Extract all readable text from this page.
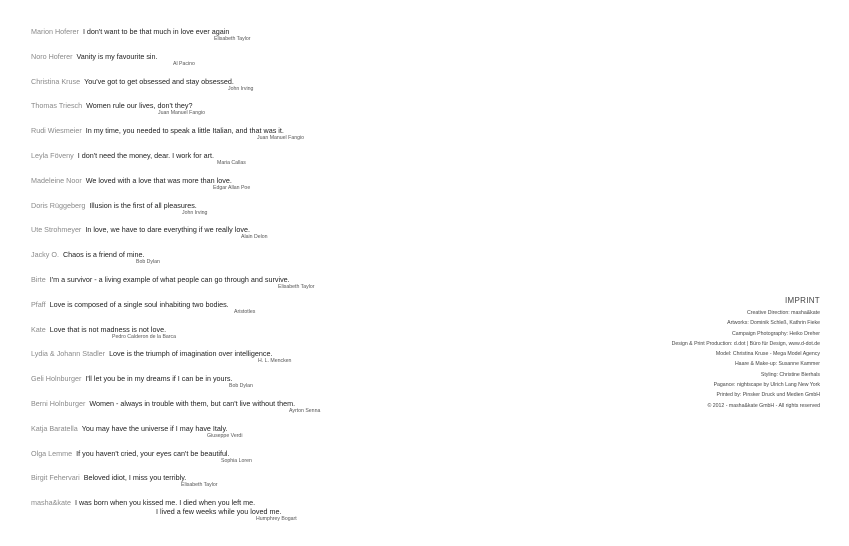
Marion Hoferer I don't want to be that much in love ever again
Elisabeth Taylor
Noro Hoferer Vanity is my favourite sin.
Al Pacino
Christina Kruse You've got to get obsessed and stay obsessed.
John Irving
Thomas Triesch Women rule our lives, don't they?
Juan Manuel Fangio
Rudi Wiesmeier In my time, you needed to speak a little Italian, and that was it.
Juan Manuel Fangio
Leyla Föveny I don't need the money, dear. I work for art.
Maria Callas
Madeleine Noor We loved with a love that was more than love.
Edgar Allan Poe
Doris Rüggeberg Illusion is the first of all pleasures.
John Irving
Ute Strohmeyer In love, we have to dare everything if we really love.
Alain Delon
Jacky O. Chaos is a friend of mine.
Bob Dylan
Birte I'm a survivor - a living example of what people can go through and survive.
Elisabeth Taylor
Pfaff Love is composed of a single soul inhabiting two bodies.
Aristotles
Kate Love that is not madness is not love.
Pedro Calderon de la Barca
Lydia & Johann Stadler Love is the triumph of imagination over intelligence.
H. L. Mencken
Geli Holnburger I'll let you be in my dreams if I can be in yours.
Bob Dylan
Berni Holnburger Women - always in trouble with them, but can't live without them.
Ayrton Senna
Katja Baratella You may have the universe if I may have Italy.
Giuseppe Verdi
Olga Lemme If you haven't cried, your eyes can't be beautiful.
Sophia Loren
Birgit Fehervari Beloved idiot, I miss you terribly.
Elisabeth Taylor
masha&kate I was born when you kissed me. I died when you left me.
I lived a few weeks while you loved me.
Humphrey Bogart
IMPRINT
Creative Direction: masha&kate
Artworks: Dominik Schleß, Kathrin Fieke
Campaign Photography: Heiko Dreher
Design & Print Production: d.dot | Büro für Design, www.d-dot.de
Model: Christina Kruse - Mega Model Agency
Haare & Make-up: Susanne Kammer
Styling: Christine Bierhals
Pagance: nightscape by Ulrich Lang New York
Printed by: Pinsker Druck und Medien GmbH
© 2012 - masha&kate GmbH - All rights reserved
